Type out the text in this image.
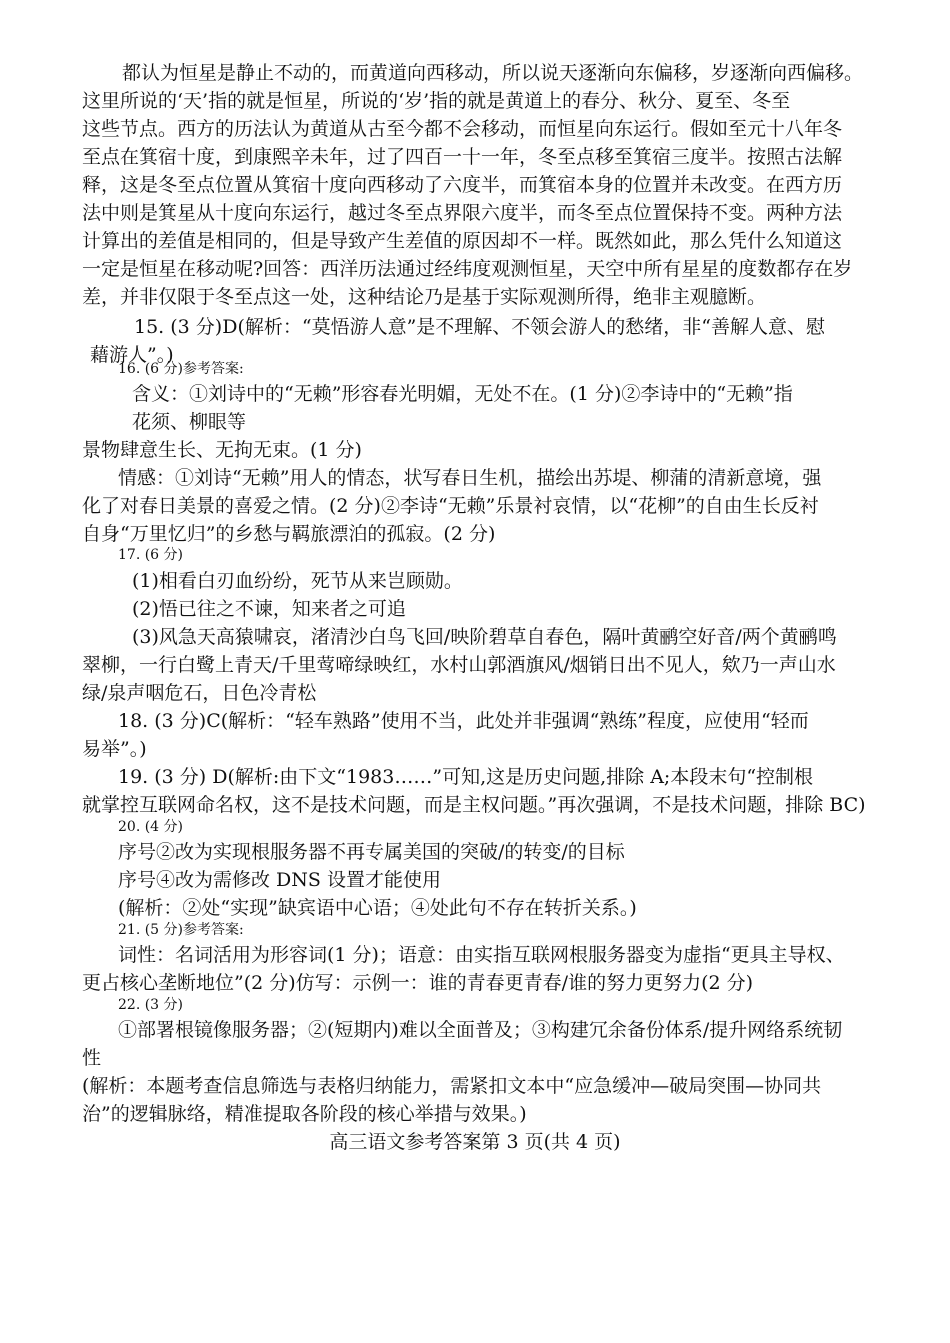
都认为恒星是静止不动的，而黄道向西移动，所以说天逐渐向东偏移，岁逐渐向西偏移。
这里所说的‘天’指的就是恒星，所说的‘岁’指的就是黄道上的春分、秋分、夏至、冬至
这些节点。西方的历法认为黄道从古至今都不会移动，而恒星向东运行。假如至元十八年冬
至点在箕宿十度，到康熙辛未年，过了四百一十一年，冬至点移至箕宿三度半。按照古法解
释，这是冬至点位置从箕宿十度向西移动了六度半，而箕宿本身的位置并未改变。在西方历
法中则是箕星从十度向东运行，越过冬至点界限六度半，而冬至点位置保持不变。两种方法
计算出的差值是相同的，但是导致产生差值的原因却不一样。既然如此，那么凭什么知道这
一定是恒星在移动呢?回答：西洋历法通过经纬度观测恒星，天空中所有星星的度数都存在岁
差，并非仅限于冬至点这一处，这种结论乃是基于实际观测所得，绝非主观臆断。
15. (3 分)D(解析：“莫悟游人意”是不理解、不领会游人的愁绪，非“善解人意、慰
藉游人”。)
16. (6 分)参考答案:
含义：①刘诗中的“无赖”形容春光明媚，无处不在。(1 分)②李诗中的“无赖”指
花须、柳眼等
景物肆意生长、无拘无束。(1 分)
情感：①刘诗“无赖”用人的情态，状写春日生机，描绘出苏堤、柳蒲的清新意境，强
化了对春日美景的喜爱之情。(2 分)②李诗“无赖”乐景衬哀情，以“花柳”的自由生长反衬
自身“万里忆归”的乡愁与羁旅漂泊的孤寂。(2 分)
17. (6 分)
(1)相看白刃血纷纷，死节从来岂顾勋。
(2)悟已往之不谏，知来者之可追
(3)风急天高猿啸哀，渚清沙白鸟飞回/映阶碧草自春色，隔叶黄鹂空好音/两个黄鹂鸣
翠柳，一行白鹭上青天/千里莺啼绿映红，水村山郭酒旗风/烟销日出不见人，欸乃一声山水
绿/泉声咽危石，日色冷青松
18. (3 分)C(解析：“轻车熟路”使用不当，此处并非强调“熟练”程度，应使用“轻而
易举”。)
19. (3 分) D(解析:由下文“1983……”可知,这是历史问题,排除 A;本段末句“控制根
就掌控互联网命名权，这不是技术问题，而是主权问题。”再次强调，不是技术问题，排除 BC)
20. (4 分)
序号②改为实现根服务器不再专属美国的突破/的转变/的目标
序号④改为需修改 DNS 设置才能使用
(解析：②处“实现”缺宾语中心语；④处此句不存在转折关系。)
21. (5 分)参考答案:
词性：名词活用为形容词(1 分)；语意：由实指互联网根服务器变为虚指“更具主导权、
更占核心垄断地位”(2 分)仿写：示例一：谁的青春更青春/谁的努力更努力(2 分)
22. (3 分)
①部署根镜像服务器；②(短期内)难以全面普及；③构建冗余备份体系/提升网络系统韧
性
(解析：本题考查信息筛选与表格归纳能力，需紧扣文本中“应急缓冲—破局突围—协同共
治”的逻辑脉络，精准提取各阶段的核心举措与效果。)
高三语文参考答案第 3 页(共 4 页)
